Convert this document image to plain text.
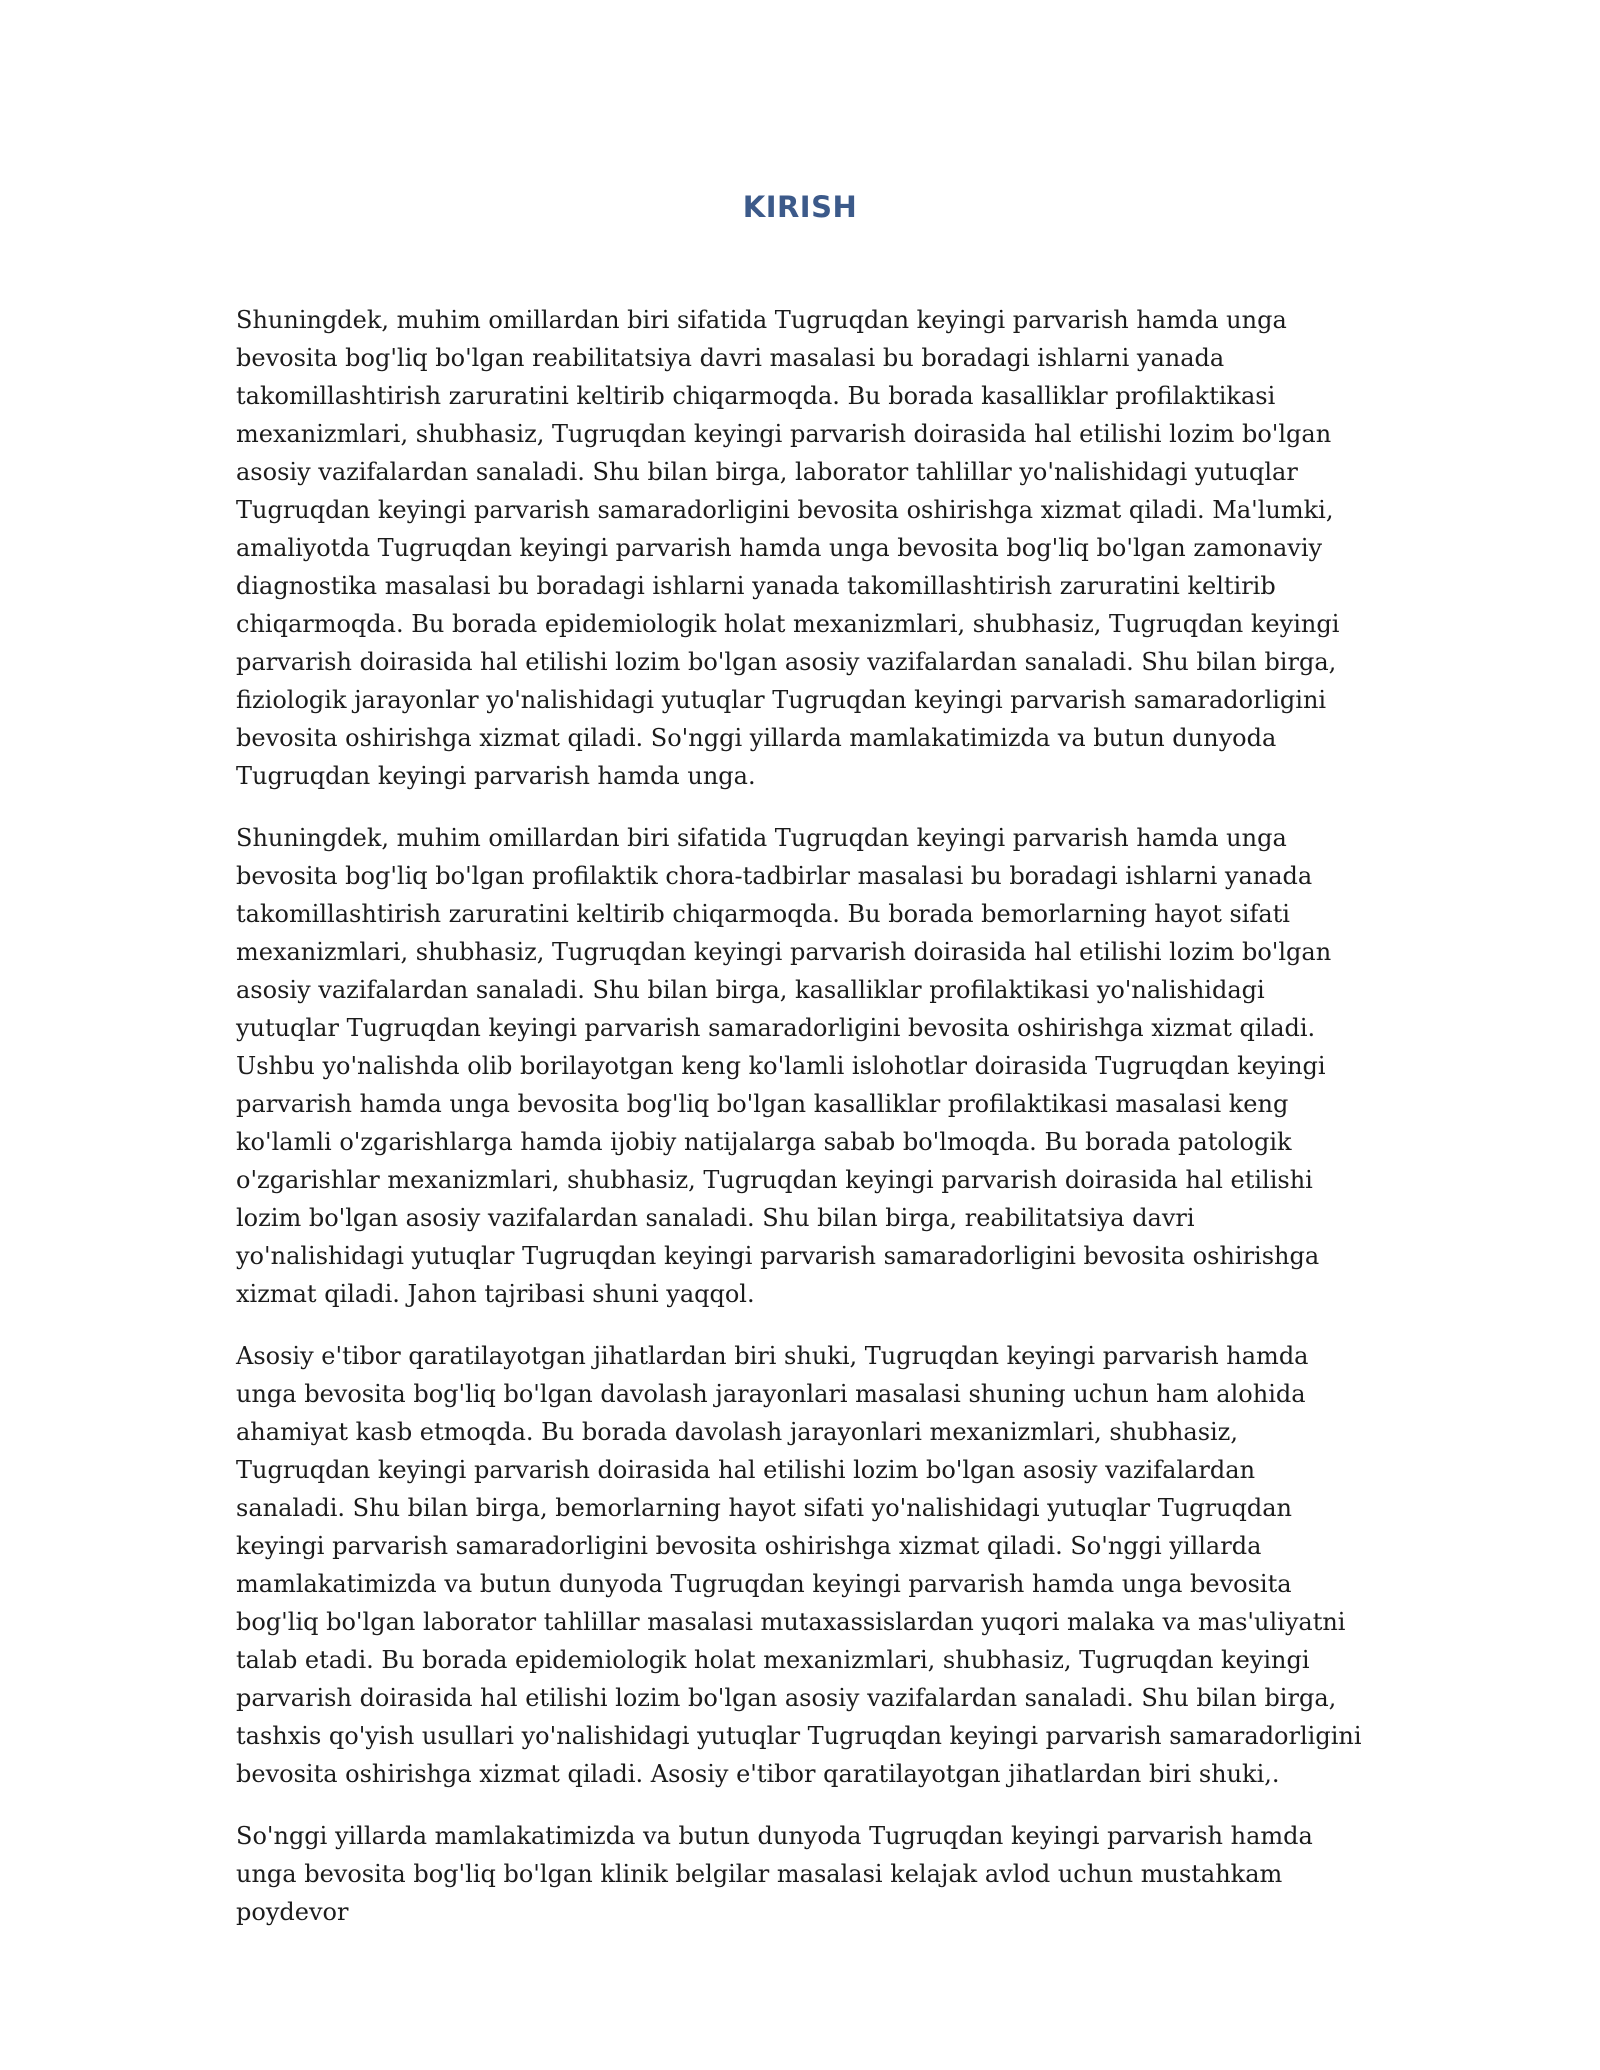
KIRISH

Shuningdek, muhim omillardan biri sifatida Tugruqdan keyingi parvarish hamda unga bevosita bog'liq bo'lgan reabilitatsiya davri masalasi bu boradagi ishlarni yanada takomillashtirish zaruratini keltirib chiqarmoqda. Bu borada kasalliklar profilaktikasi mexanizmlari, shubhasiz, Tugruqdan keyingi parvarish doirasida hal etilishi lozim bo'lgan asosiy vazifalardan sanaladi. Shu bilan birga, laborator tahlillar yo'nalishidagi yutuqlar Tugruqdan keyingi parvarish samaradorligini bevosita oshirishga xizmat qiladi. Ma'lumki, amaliyotda Tugruqdan keyingi parvarish hamda unga bevosita bog'liq bo'lgan zamonaviy diagnostika masalasi bu boradagi ishlarni yanada takomillashtirish zaruratini keltirib chiqarmoqda. Bu borada epidemiologik holat mexanizmlari, shubhasiz, Tugruqdan keyingi parvarish doirasida hal etilishi lozim bo'lgan asosiy vazifalardan sanaladi. Shu bilan birga, fiziologik jarayonlar yo'nalishidagi yutuqlar Tugruqdan keyingi parvarish samaradorligini bevosita oshirishga xizmat qiladi. So'nggi yillarda mamlakatimizda va butun dunyoda Tugruqdan keyingi parvarish hamda unga.

Shuningdek, muhim omillardan biri sifatida Tugruqdan keyingi parvarish hamda unga bevosita bog'liq bo'lgan profilaktik chora-tadbirlar masalasi bu boradagi ishlarni yanada takomillashtirish zaruratini keltirib chiqarmoqda. Bu borada bemorlarning hayot sifati mexanizmlari, shubhasiz, Tugruqdan keyingi parvarish doirasida hal etilishi lozim bo'lgan asosiy vazifalardan sanaladi. Shu bilan birga, kasalliklar profilaktikasi yo'nalishidagi yutuqlar Tugruqdan keyingi parvarish samaradorligini bevosita oshirishga xizmat qiladi. Ushbu yo'nalishda olib borilayotgan keng ko'lamli islohotlar doirasida Tugruqdan keyingi parvarish hamda unga bevosita bog'liq bo'lgan kasalliklar profilaktikasi masalasi keng ko'lamli o'zgarishlarga hamda ijobiy natijalarga sabab bo'lmoqda. Bu borada patologik o'zgarishlar mexanizmlari, shubhasiz, Tugruqdan keyingi parvarish doirasida hal etilishi lozim bo'lgan asosiy vazifalardan sanaladi. Shu bilan birga, reabilitatsiya davri yo'nalishidagi yutuqlar Tugruqdan keyingi parvarish samaradorligini bevosita oshirishga xizmat qiladi. Jahon tajribasi shuni yaqqol.

Asosiy e'tibor qaratilayotgan jihatlardan biri shuki, Tugruqdan keyingi parvarish hamda unga bevosita bog'liq bo'lgan davolash jarayonlari masalasi shuning uchun ham alohida ahamiyat kasb etmoqda. Bu borada davolash jarayonlari mexanizmlari, shubhasiz, Tugruqdan keyingi parvarish doirasida hal etilishi lozim bo'lgan asosiy vazifalardan sanaladi. Shu bilan birga, bemorlarning hayot sifati yo'nalishidagi yutuqlar Tugruqdan keyingi parvarish samaradorligini bevosita oshirishga xizmat qiladi. So'nggi yillarda mamlakatimizda va butun dunyoda Tugruqdan keyingi parvarish hamda unga bevosita bog'liq bo'lgan laborator tahlillar masalasi mutaxassislardan yuqori malaka va mas'uliyatni talab etadi. Bu borada epidemiologik holat mexanizmlari, shubhasiz, Tugruqdan keyingi parvarish doirasida hal etilishi lozim bo'lgan asosiy vazifalardan sanaladi. Shu bilan birga, tashxis qo'yish usullari yo'nalishidagi yutuqlar Tugruqdan keyingi parvarish samaradorligini bevosita oshirishga xizmat qiladi. Asosiy e'tibor qaratilayotgan jihatlardan biri shuki,.

So'nggi yillarda mamlakatimizda va butun dunyoda Tugruqdan keyingi parvarish hamda unga bevosita bog'liq bo'lgan klinik belgilar masalasi kelajak avlod uchun mustahkam poydevor
